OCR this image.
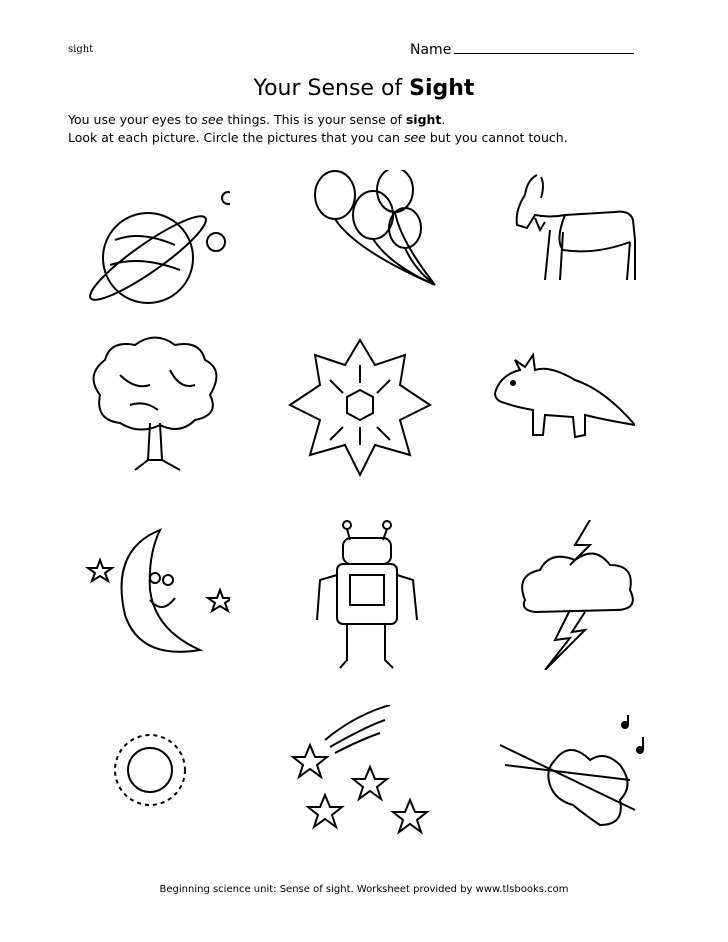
sight	Name
Your Sense of Sight
You use your eyes to see things. This is your sense of sight.
Look at each picture. Circle the pictures that you can see but you cannot touch.
Beginning science unit: Sense of sight. Worksheet provided by www.tlsbooks.com
